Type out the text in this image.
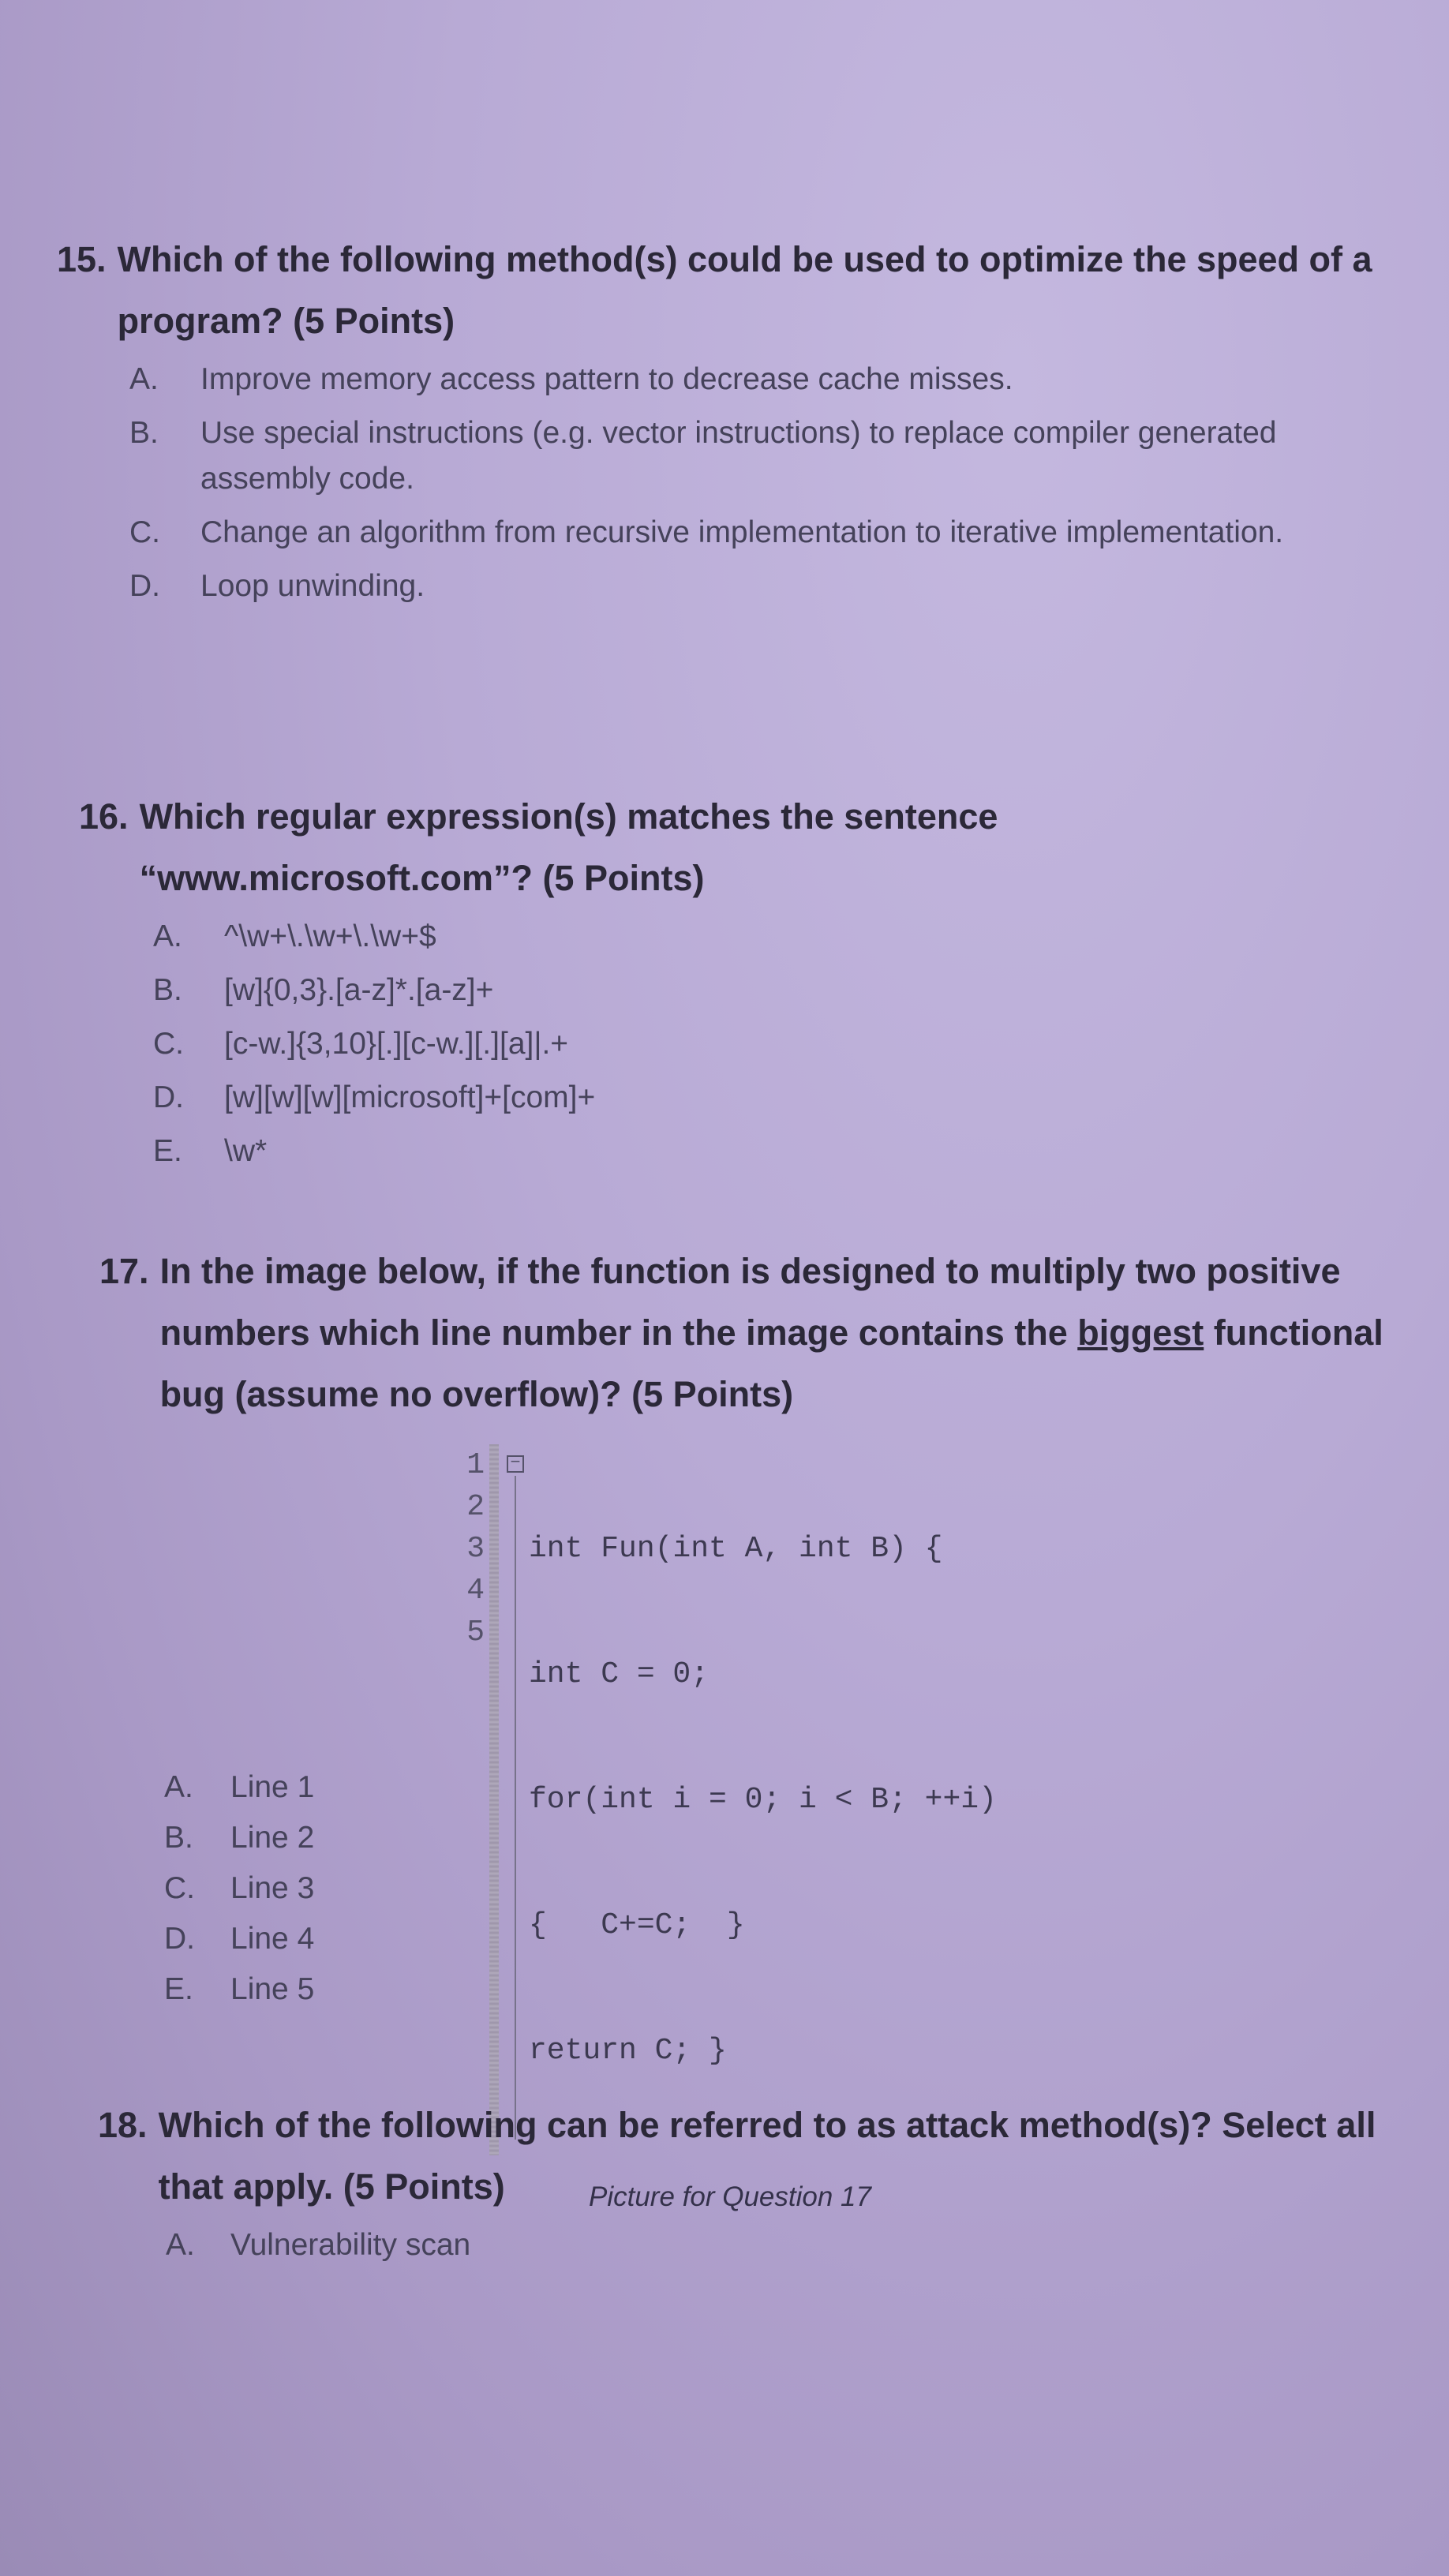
15. Which of the following method(s) could be used to optimize the speed of a program? (5 Points)
A.	Improve memory access pattern to decrease cache misses.
B.	Use special instructions (e.g. vector instructions) to replace compiler generated assembly code.
C.	Change an algorithm from recursive implementation to iterative implementation.
D.	Loop unwinding.
16. Which regular expression(s) matches the sentence “www.microsoft.com”? (5 Points)
A.	^\w+\.\w+\.\w+$
B.	[w]{0,3}.[a-z]*.[a-z]+
C.	[c-w.]{3,10}[.][c-w.][.][a]|.+
D.	[w][w][w][microsoft]+[com]+
E.	\w*
17. In the image below, if the function is designed to multiply two positive numbers which line number in the image contains the biggest functional bug (assume no overflow)? (5 Points)
1
2
3
4
5
−

int Fun(int A, int B) {

int C = 0;

for(int i = 0; i < B; ++i)

{   C+=C;  }

return C; }

Picture for Question 17
A.	Line 1
B.	Line 2
C.	Line 3
D.	Line 4
E.	Line 5
18. Which of the following can be referred to as attack method(s)? Select all that apply. (5 Points)
A.	Vulnerability scan
